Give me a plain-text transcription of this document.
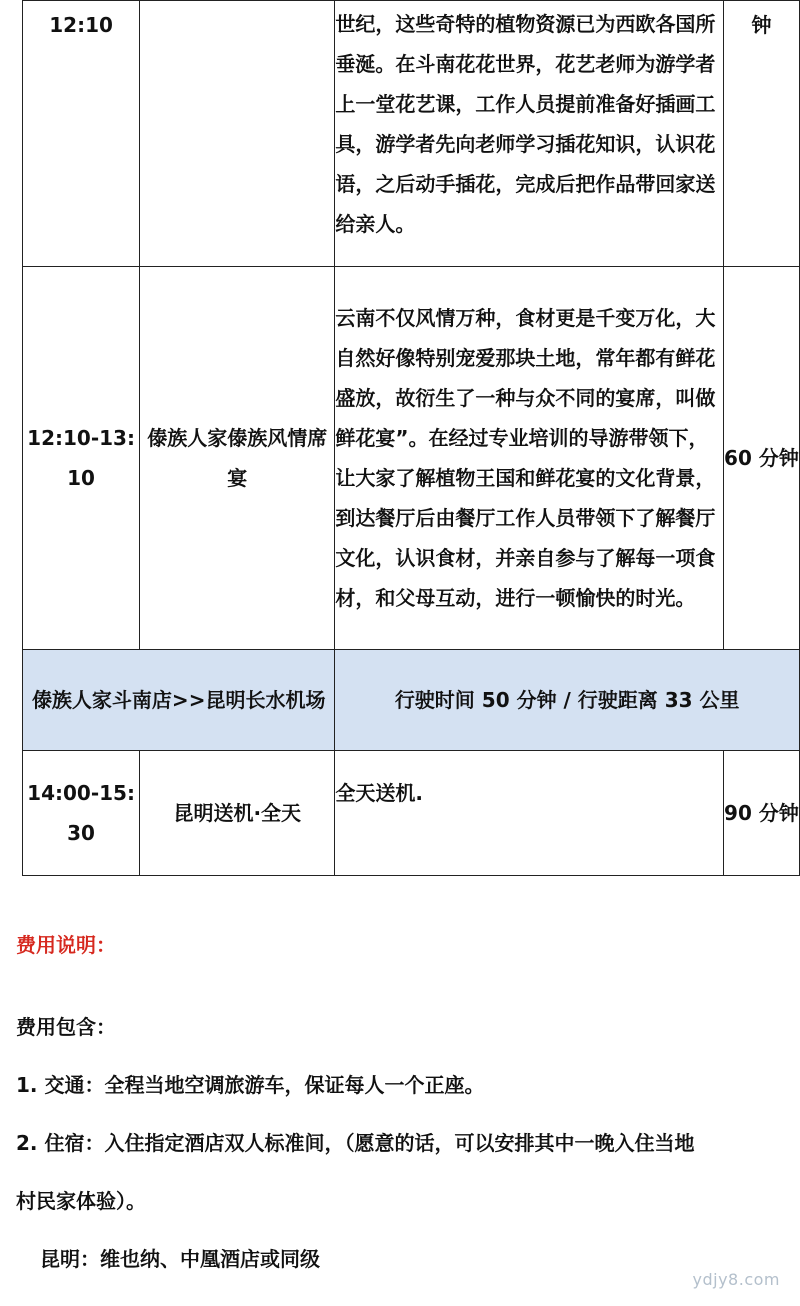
12:10		世纪，这些奇特的植物资源已为西欧各国所垂涎。在斗南花花世界，花艺老师为游学者上一堂花艺课，工作人员提前准备好插画工具，游学者先向老师学习插花知识，认识花语，之后动手插花，完成后把作品带回家送给亲人。	钟

12:10-13:10	傣族人家傣族风情席宴	云南不仅风情万种，食材更是千变万化，大自然好像特别宠爱那块土地，常年都有鲜花盛放，故衍生了一种与众不同的宴席，叫做鲜花宴”。在经过专业培训的导游带领下，让大家了解植物王国和鲜花宴的文化背景，到达餐厅后由餐厅工作人员带领下了解餐厅文化，认识食材，并亲自参与了解每一项食材，和父母互动，进行一顿愉快的时光。	60 分钟
傣族人家斗南店>>昆明长水机场		行驶时间 50 分钟 / 行驶距离 33 公里	
14:00-15:30	昆明送机·全天	全天送机.	90 分钟

费用说明：

费用包含：

1. 交通：全程当地空调旅游车，保证每人一个正座。

2. 住宿：入住指定酒店双人标准间，（愿意的话，可以安排其中一晚入住当地

村民家体验）。

昆明：维也纳、中凰酒店或同级

ydjy8.com
